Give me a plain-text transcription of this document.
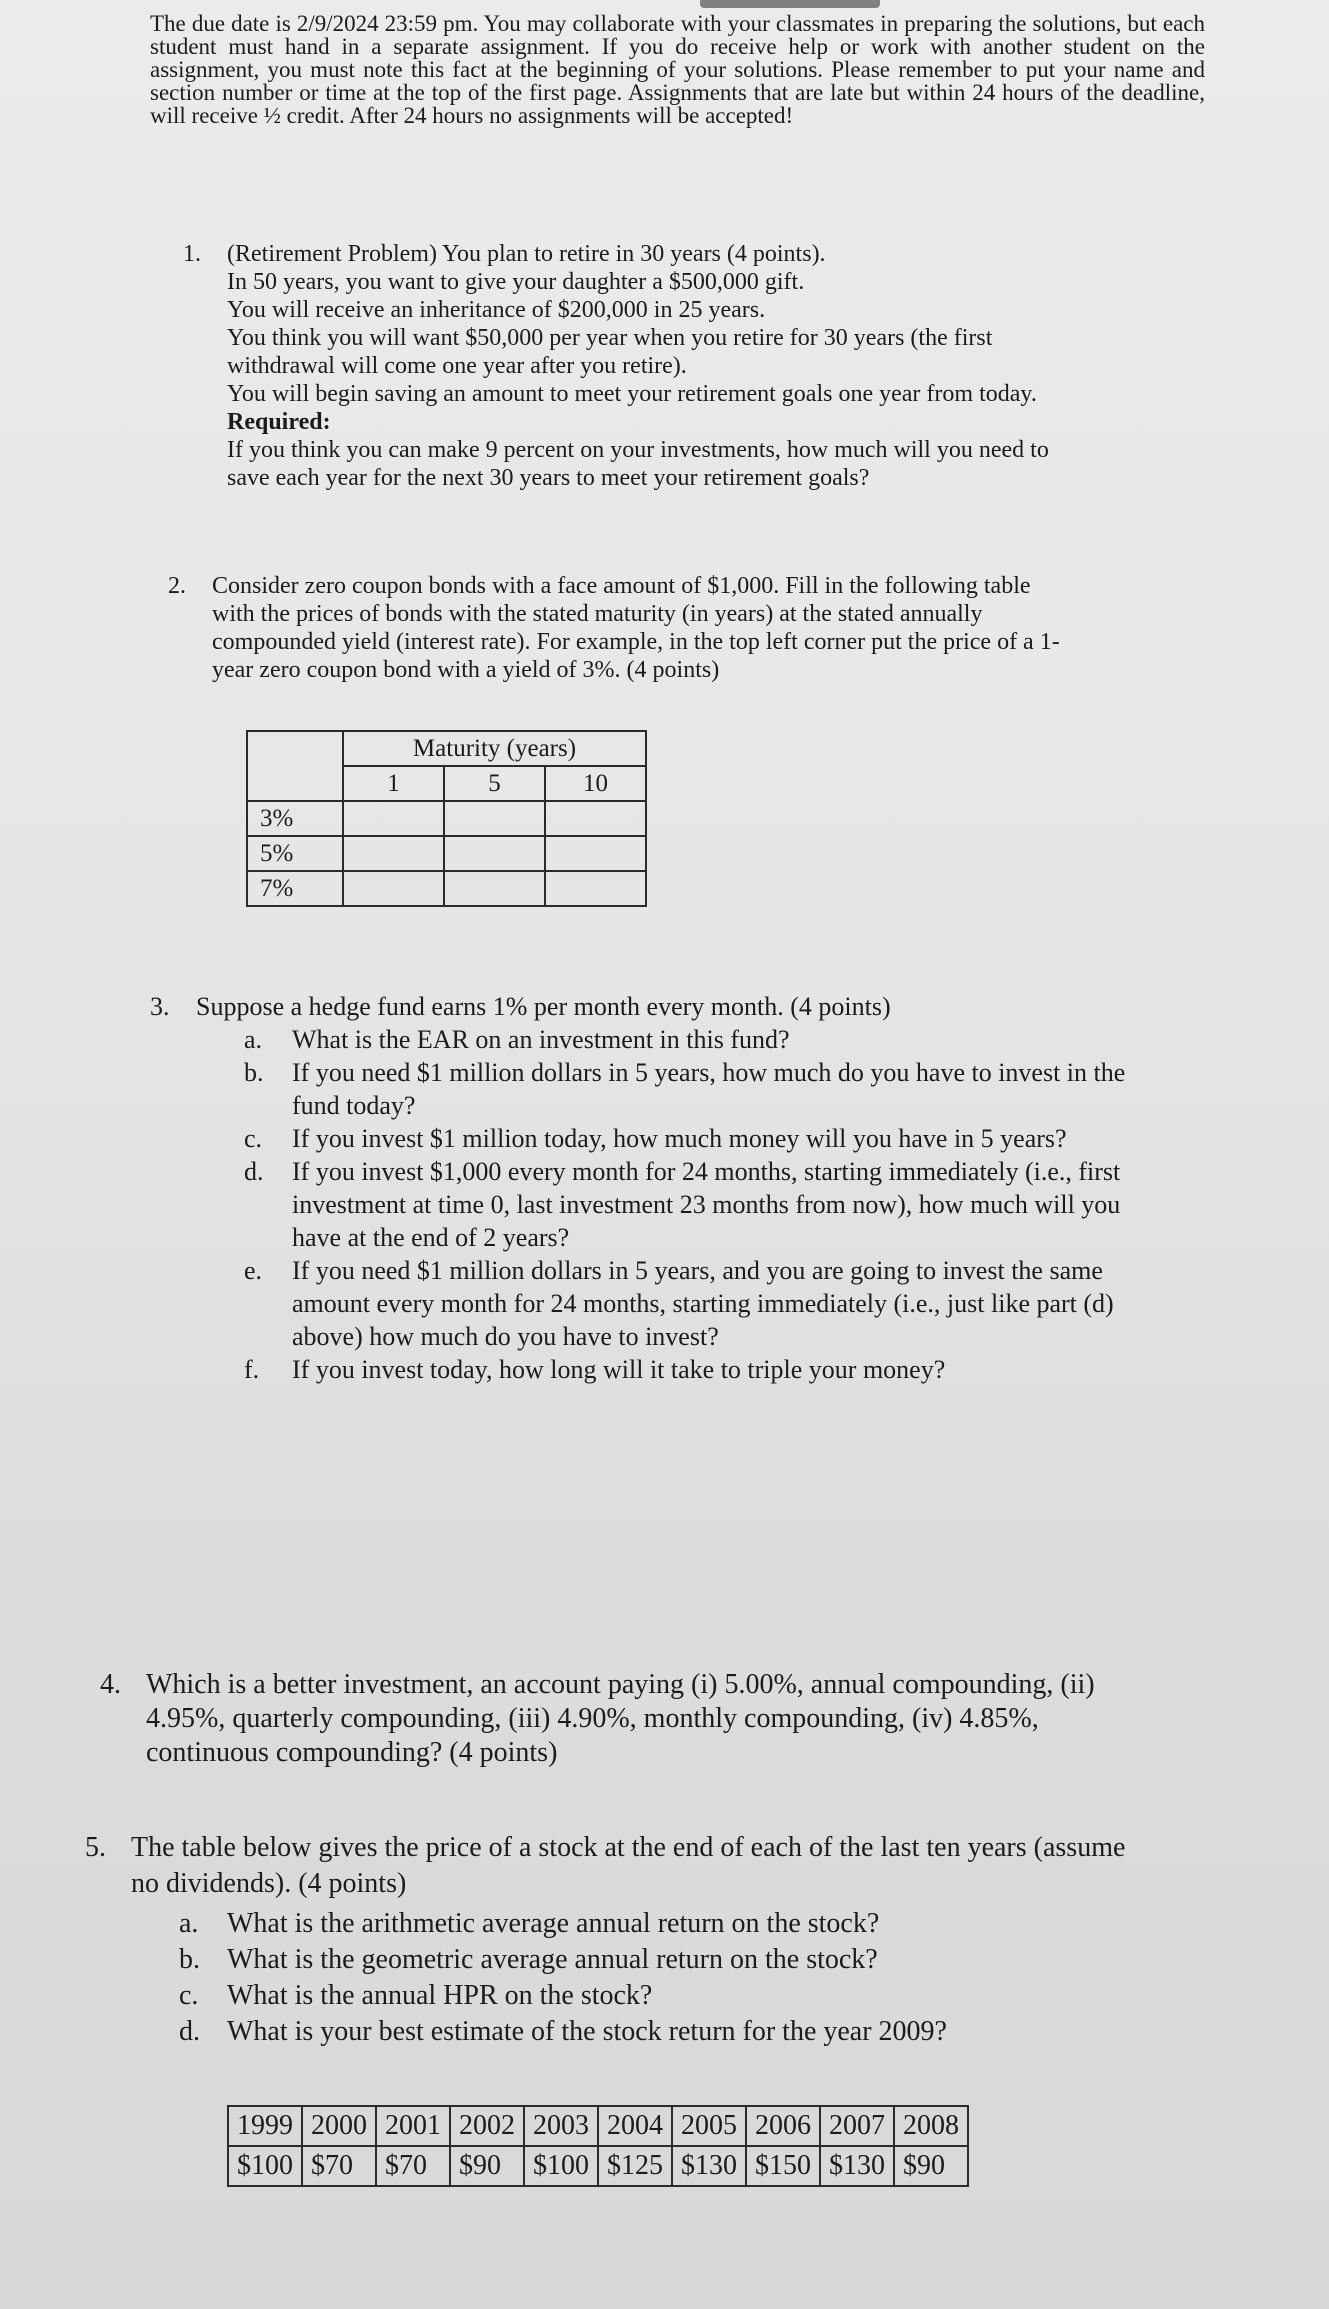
The due date is 2/9/2024 23:59 pm. You may collaborate with your classmates in preparing the solutions, but each student must hand in a separate assignment. If you do receive help or work with another student on the assignment, you must note this fact at the beginning of your solutions. Please remember to put your name and section number or time at the top of the first page. Assignments that are late but within 24 hours of the deadline, will receive ½ credit. After 24 hours no assignments will be accepted!
1. (Retirement Problem) You plan to retire in 30 years (4 points).
In 50 years, you want to give your daughter a $500,000 gift.
You will receive an inheritance of $200,000 in 25 years.
You think you will want $50,000 per year when you retire for 30 years (the first
withdrawal will come one year after you retire).
You will begin saving an amount to meet your retirement goals one year from today.
Required:
If you think you can make 9 percent on your investments, how much will you need to
save each year for the next 30 years to meet your retirement goals?
2. Consider zero coupon bonds with a face amount of $1,000. Fill in the following table
with the prices of bonds with the stated maturity (in years) at the stated annually
compounded yield (interest rate). For example, in the top left corner put the price of a 1-
year zero coupon bond with a yield of 3%. (4 points)
	Maturity (years)		
	1	5	10
3%			
5%			
7%			
3. Suppose a hedge fund earns 1% per month every month. (4 points)
a. What is the EAR on an investment in this fund?
b. If you need $1 million dollars in 5 years, how much do you have to invest in the
fund today?
c. If you invest $1 million today, how much money will you have in 5 years?
d. If you invest $1,000 every month for 24 months, starting immediately (i.e., first
investment at time 0, last investment 23 months from now), how much will you
have at the end of 2 years?
e. If you need $1 million dollars in 5 years, and you are going to invest the same
amount every month for 24 months, starting immediately (i.e., just like part (d)
above) how much do you have to invest?
f. If you invest today, how long will it take to triple your money?
4. Which is a better investment, an account paying (i) 5.00%, annual compounding, (ii)
4.95%, quarterly compounding, (iii) 4.90%, monthly compounding, (iv) 4.85%,
continuous compounding? (4 points)
5. The table below gives the price of a stock at the end of each of the last ten years (assume
no dividends). (4 points)
a. What is the arithmetic average annual return on the stock?
b. What is the geometric average annual return on the stock?
c. What is the annual HPR on the stock?
d. What is your best estimate of the stock return for the year 2009?
1999	2000	2001	2002	2003	2004	2005	2006	2007	2008
$100	$70	$70	$90	$100	$125	$130	$150	$130	$90
